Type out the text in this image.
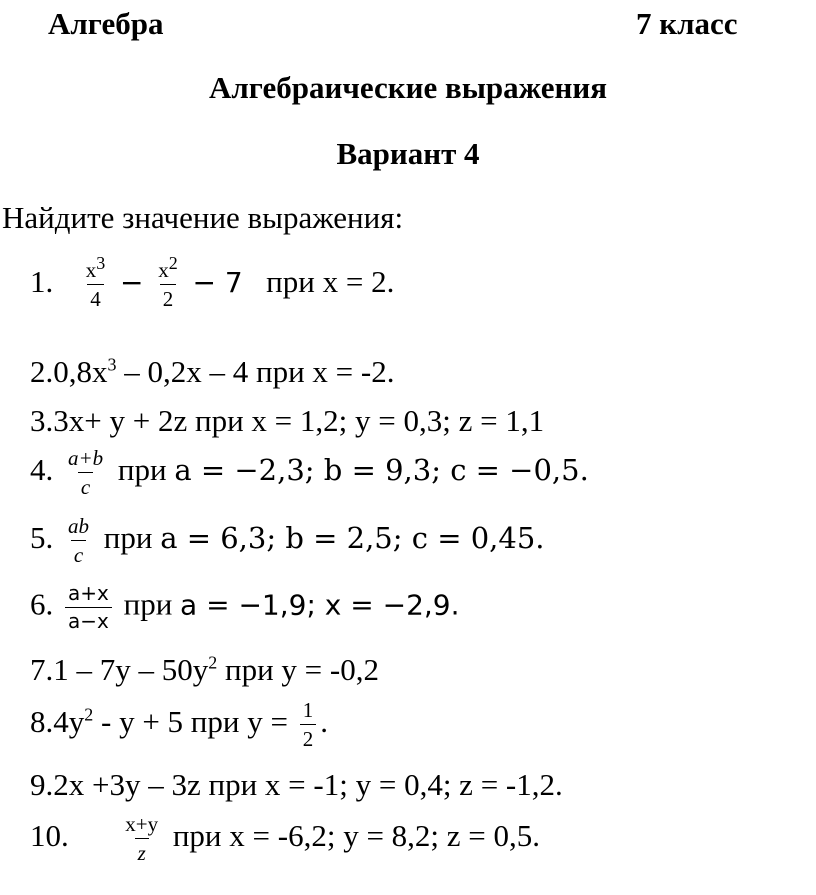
Алгебра	7 класс
Алгебраические выражения
Вариант 4
Найдите значение выражения:
1. $\frac{x^3}{4} - \frac{x^2}{2} - 7$ при x = 2.
$2.0,8x^3 - 0,2x - 4$ при x = -2.
3.3x+ y + 2z при x = 1,2; y = 0,3; z = 1,1
4. $\frac{a+b}{c}$ при a = −2,3; b = 9,3; c = −0,5.
5. $\frac{ab}{c}$ при a = 6,3; b = 2,5; c = 0,45.
6. $\frac{a+x}{a-x}$ при a = −1,9; x = −2,9.
$7.1 - 7y - 50y^2$ при y = -0,2
$8.4y^2 - y + 5$ при $y = \frac{1}{2}$ .
9.2x +3y – 3z при x = -1; y = 0,4; z = -1,2.
10.	$\frac{x+y}{z}$ при x = -6,2; y = 8,2; z = 0,5.
